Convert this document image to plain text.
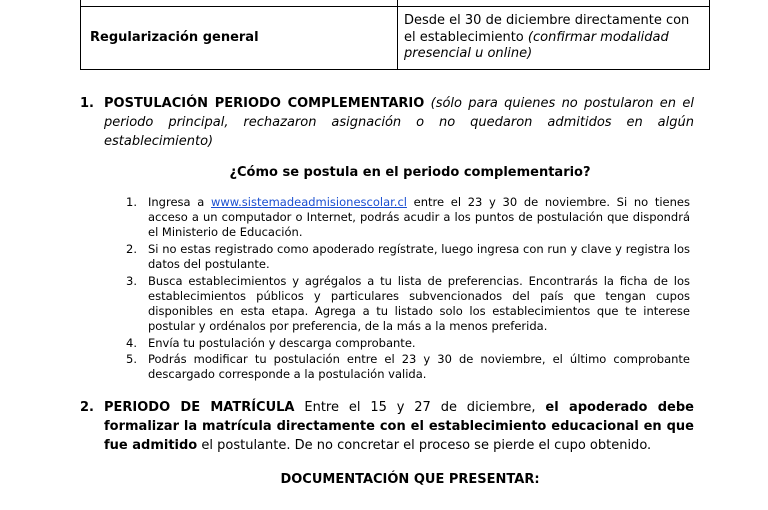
Regularización general	Desde el 30 de diciembre directamente con el establecimiento (confirmar modalidad presencial u online)
1. POSTULACIÓN PERIODO COMPLEMENTARIO (sólo para quienes no postularon en el periodo principal, rechazaron asignación o no quedaron admitidos en algún establecimiento)
¿Cómo se postula en el periodo complementario?
1. Ingresa a www.sistemadeadmisionescolar.cl entre el 23 y 30 de noviembre. Si no tienes acceso a un computador o Internet, podrás acudir a los puntos de postulación que dispondrá el Ministerio de Educación.
2. Si no estas registrado como apoderado regístrate, luego ingresa con run y clave y registra los datos del postulante.
3. Busca establecimientos y agrégalos a tu lista de preferencias. Encontrarás la ficha de los establecimientos públicos y particulares subvencionados del país que tengan cupos disponibles en esta etapa. Agrega a tu listado solo los establecimientos que te interese postular y ordénalos por preferencia, de la más a la menos preferida.
4. Envía tu postulación y descarga comprobante.
5. Podrás modificar tu postulación entre el 23 y 30 de noviembre, el último comprobante descargado corresponde a la postulación valida.
2. PERIODO DE MATRÍCULA Entre el 15 y 27 de diciembre, el apoderado debe formalizar la matrícula directamente con el establecimiento educacional en que fue admitido el postulante. De no concretar el proceso se pierde el cupo obtenido.
DOCUMENTACIÓN QUE PRESENTAR:
